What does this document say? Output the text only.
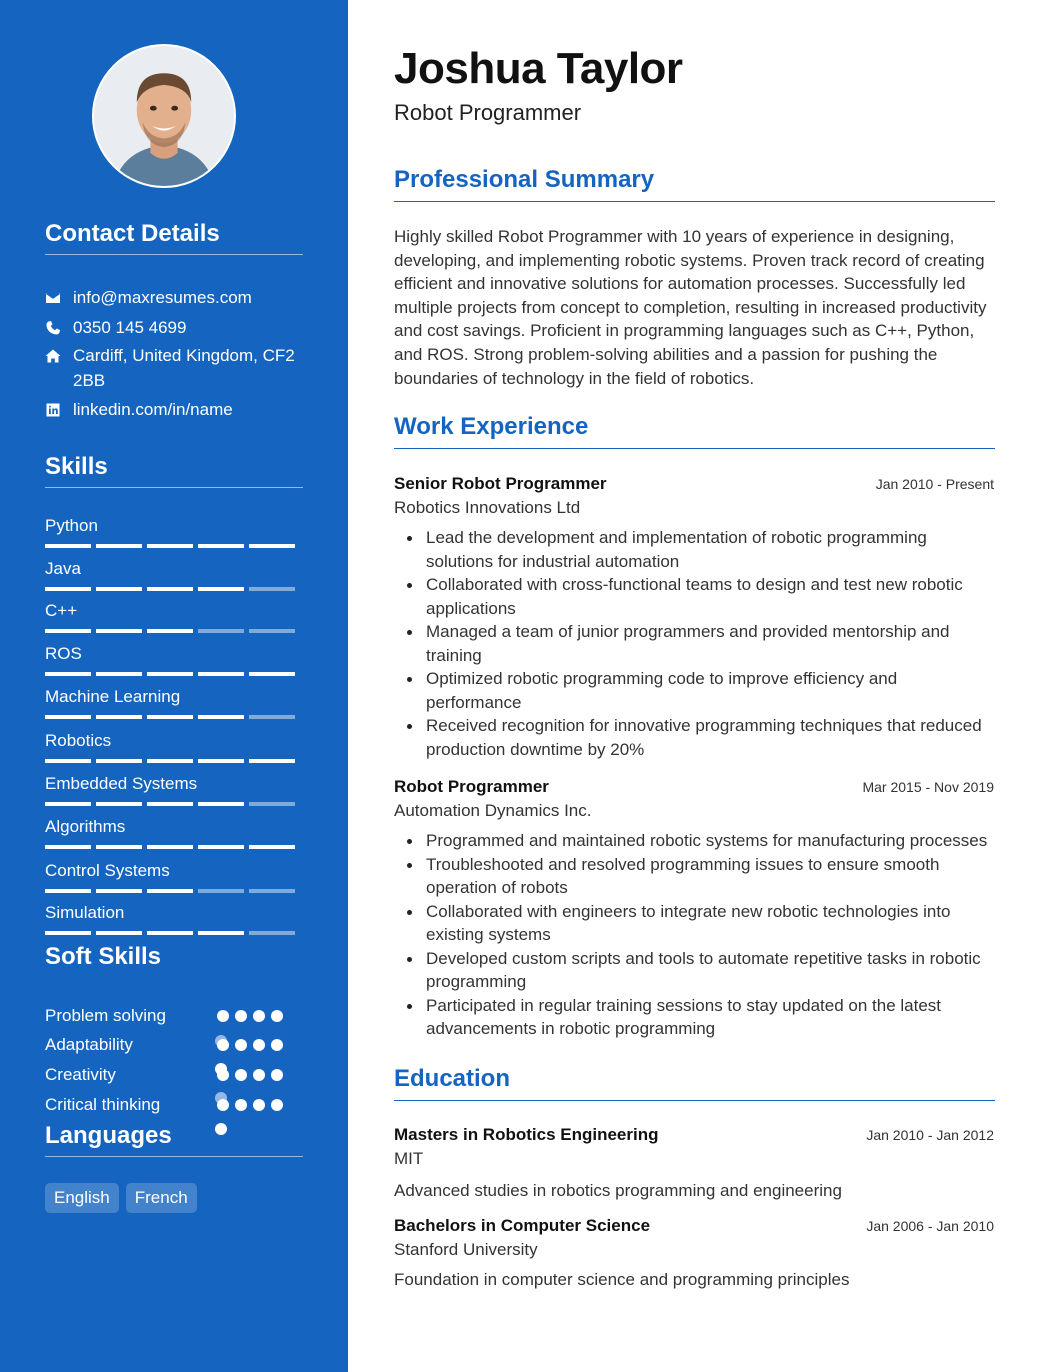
Contact Details
info@maxresumes.com
0350 145 4699
Cardiff, United Kingdom, CF2 2BB
linkedin.com/in/name
Skills
Python
Java
C++
ROS
Machine Learning
Robotics
Embedded Systems
Algorithms
Control Systems
Simulation
Soft Skills
Problem solving
Adaptability
Creativity
Critical thinking
Languages
English	French
Joshua Taylor
Robot Programmer
Professional Summary
Highly skilled Robot Programmer with 10 years of experience in designing, developing, and implementing robotic systems. Proven track record of creating efficient and innovative solutions for automation processes. Successfully led multiple projects from concept to completion, resulting in increased productivity and cost savings. Proficient in programming languages such as C++, Python, and ROS. Strong problem-solving abilities and a passion for pushing the boundaries of technology in the field of robotics.
Work Experience
Senior Robot Programmer	Jan 2010 - Present
Robotics Innovations Ltd
Lead the development and implementation of robotic programming solutions for industrial automation
Collaborated with cross-functional teams to design and test new robotic applications
Managed a team of junior programmers and provided mentorship and training
Optimized robotic programming code to improve efficiency and performance
Received recognition for innovative programming techniques that reduced production downtime by 20%
Robot Programmer	Mar 2015 - Nov 2019
Automation Dynamics Inc.
Programmed and maintained robotic systems for manufacturing processes
Troubleshooted and resolved programming issues to ensure smooth operation of robots
Collaborated with engineers to integrate new robotic technologies into existing systems
Developed custom scripts and tools to automate repetitive tasks in robotic programming
Participated in regular training sessions to stay updated on the latest advancements in robotic programming
Education
Masters in Robotics Engineering	Jan 2010 - Jan 2012
MIT
Advanced studies in robotics programming and engineering
Bachelors in Computer Science	Jan 2006 - Jan 2010
Stanford University
Foundation in computer science and programming principles
